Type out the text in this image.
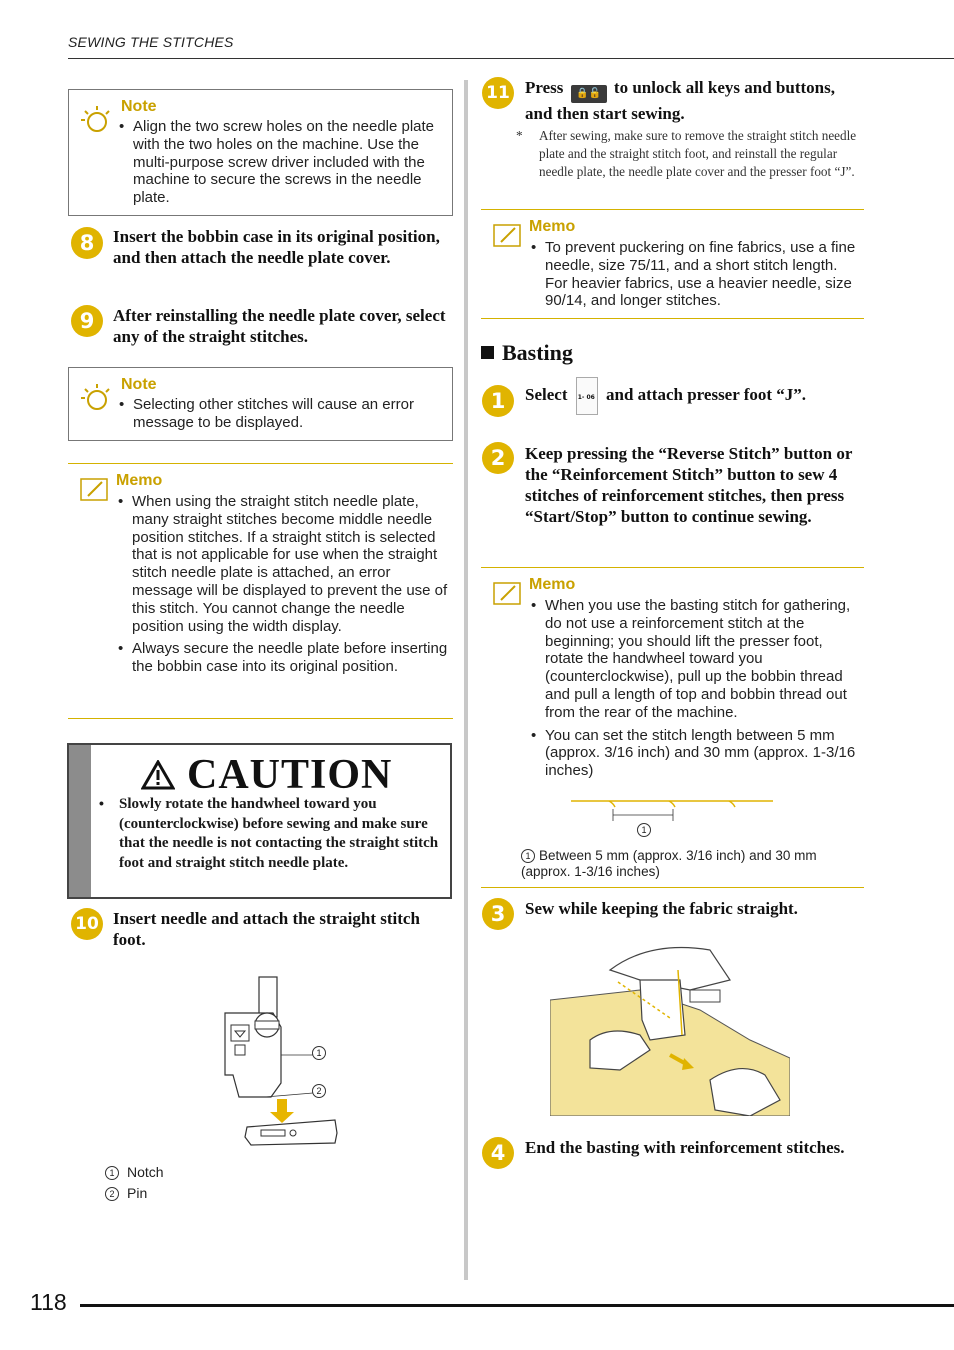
SEWING THE STITCHES
Note
• Align the two screw holes on the needle plate with the two holes on the machine. Use the multi-purpose screw driver included with the machine to secure the screws in the needle plate.
8	Insert the bobbin case in its original position, and then attach the needle plate cover.
9	After reinstalling the needle plate cover, select any of the straight stitches.
Note
• Selecting other stitches will cause an error message to be displayed.
Memo
• When using the straight stitch needle plate, many straight stitches become middle needle position stitches. If a straight stitch is selected that is not applicable for use when the straight stitch needle plate is attached, an error message will be displayed to prevent the use of this stitch. You cannot change the needle position using the width display.
• Always secure the needle plate before inserting the bobbin case into its original position.
CAUTION
• Slowly rotate the handwheel toward you (counterclockwise) before sewing and make sure that the needle is not contacting the straight stitch foot and straight stitch needle plate.
10 Insert needle and attach the straight stitch foot.
1
2
1 Notch
2 Pin
11 Press 🔒🔓 to unlock all keys and buttons, and then start sewing.
* After sewing, make sure to remove the straight stitch needle plate and the straight stitch foot, and reinstall the regular needle plate, the needle plate cover and the presser foot “J”.
Memo
• To prevent puckering on fine fabrics, use a fine needle, size 75/11, and a short stitch length. For heavier fabrics, use a heavier needle, size 90/14, and longer stitches.
Basting
1	Select 1- 06 and attach presser foot “J”.
2	Keep pressing the “Reverse Stitch” button or the “Reinforcement Stitch” button to sew 4 stitches of reinforcement stitches, then press “Start/Stop” button to continue sewing.
Memo
• When you use the basting stitch for gathering, do not use a reinforcement stitch at the beginning; you should lift the presser foot, rotate the handwheel toward you (counterclockwise), pull up the bobbin thread and pull a length of top and bobbin thread out from the rear of the machine.
• You can set the stitch length between 5 mm (approx. 3/16 inch) and 30 mm (approx. 1-3/16 inches)
1
1 Between 5 mm (approx. 3/16 inch) and 30 mm (approx. 1-3/16 inches)
3	Sew while keeping the fabric straight.
4	End the basting with reinforcement stitches.
118
